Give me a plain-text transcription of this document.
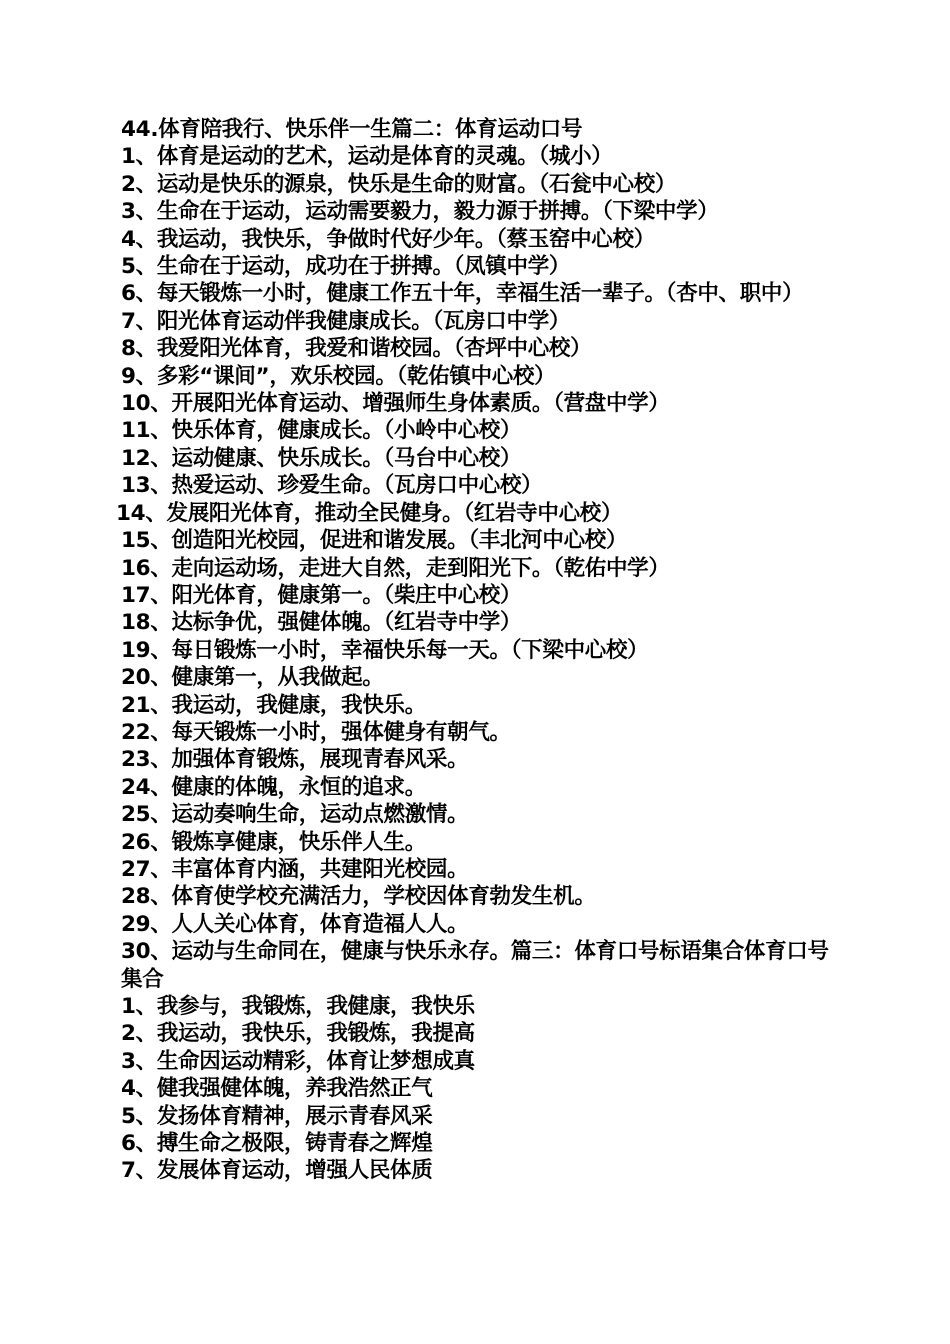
44.体育陪我行、快乐伴一生篇二：体育运动口号

1、体育是运动的艺术，运动是体育的灵魂。（城小）

2、运动是快乐的源泉，快乐是生命的财富。（石瓮中心校）

3、生命在于运动，运动需要毅力，毅力源于拼搏。（下梁中学）

4、我运动，我快乐，争做时代好少年。（蔡玉窑中心校）

5、生命在于运动，成功在于拼搏。（凤镇中学）

6、每天锻炼一小时，健康工作五十年，幸福生活一辈子。（杏中、职中）

7、阳光体育运动伴我健康成长。（瓦房口中学）

8、我爱阳光体育，我爱和谐校园。（杏坪中心校）

9、多彩“课间”，欢乐校园。（乾佑镇中心校）

10、开展阳光体育运动、增强师生身体素质。（营盘中学）

11、快乐体育，健康成长。（小岭中心校）

12、运动健康、快乐成长。（马台中心校）

13、热爱运动、珍爱生命。（瓦房口中心校）

14、发展阳光体育，推动全民健身。（红岩寺中心校）

15、创造阳光校园，促进和谐发展。（丰北河中心校）

16、走向运动场，走进大自然，走到阳光下。（乾佑中学）

17、阳光体育，健康第一。（柴庄中心校）

18、达标争优，强健体魄。（红岩寺中学）

19、每日锻炼一小时，幸福快乐每一天。（下梁中心校）

20、健康第一，从我做起。

21、我运动，我健康，我快乐。

22、每天锻炼一小时，强体健身有朝气。

23、加强体育锻炼，展现青春风采。

24、健康的体魄，永恒的追求。

25、运动奏响生命，运动点燃激情。

26、锻炼享健康，快乐伴人生。

27、丰富体育内涵，共建阳光校园。

28、体育使学校充满活力，学校因体育勃发生机。

29、人人关心体育，体育造福人人。

30、运动与生命同在，健康与快乐永存。篇三：体育口号标语集合体育口号集合

1、我参与，我锻炼，我健康，我快乐

2、我运动，我快乐，我锻炼，我提高

3、生命因运动精彩，体育让梦想成真

4、健我强健体魄，养我浩然正气

5、发扬体育精神，展示青春风采

6、搏生命之极限，铸青春之辉煌

7、发展体育运动，增强人民体质
